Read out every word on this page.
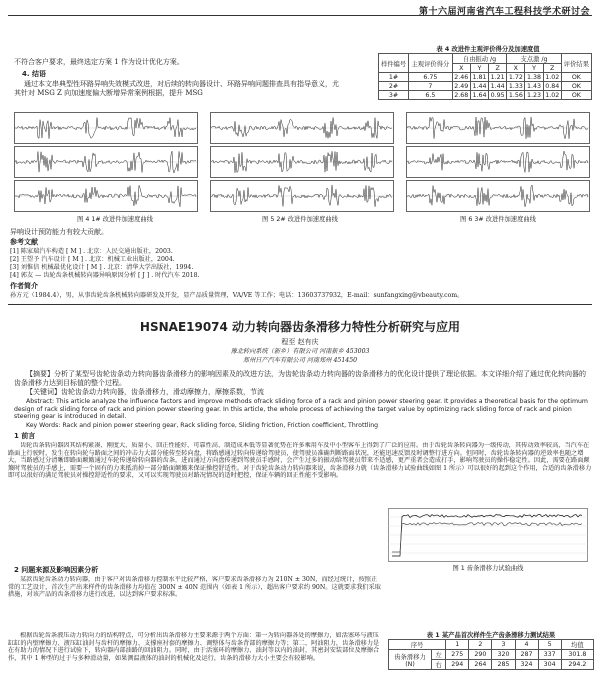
第十六届河南省汽车工程科技学术研讨会
不符合客户要求，最终选定方案 1 作为设计优化方案。
4. 结语
通过本文串典型性环路异响失效模式改进，对后续的转向器设计、环路异响问题排查具有指导意义，尤其针对 MSG Z 向加速度偏大断增异常案例根据，提升 MSG
表 4 改进件主观评价得分及加速度值
样件编号	主观评价得分	自由振动 /g			支点激 /g			评价结果
		X	Y	Z	X	Y	Z	
1#	6.75	2.46	1.81	1.21	1.72	1.38	1.02	OK
2#	7	2.49	1.44	1.44	1.33	1.43	0.84	OK
3#	6.5	2.68	1.64	0.95	1.56	1.23	1.02	OK
图 4 1# 改进件加速度曲线	图 5 2# 改进件加速度曲线	图 6 3# 改进件加速度曲线
异响设计预防能力有较大贡献。
参考文献
[1] 陈家瑞汽车构造 [ M ] . 北京：人民交通出版社，2003.
[2] 王望予 汽车设计 [ M ] . 北京：机械工业出版社，2004.
[3] 刘惟信 机械最优化设计 [ M ] . 北京：清华大学出版社，1994.
[4] 郭友 — 齿轮齿条机械转向器异响原因分析 [ J ] . 时代汽车 2018.
作者简介
孙方元（1984.4），男，从事齿轮齿条机械转向器研发及开发，显产品质量管理，VA/VE 等工作；电话：13603737932，E-mail：sunfangxing@vbeauty.com。
HSNAE19074 动力转向器齿条滑移力特性分析研究与应用
程至 赵有庆
豫北转向系统（新乡）有限公司 河南新乡 453003
郑州日产汽车有限公司 河南郑州 451450
【摘要】分析了某型号齿轮齿条动力转向器齿条滑移力的影响因素及的改进方法，为齿轮齿条动力转向器的齿条滑移力的优化设计提供了理论依据。本文详细介绍了通过优化转向器的齿条滑移力达到目标值的整个过程。
【关键词】齿轮齿条动力转向器，齿条滑移力，滑动摩擦力，摩擦系数，节流
Abstract: This article analyze the influence factors and improve methods ofrack sliding force of a rack and pinion power steering gear. It provides a theoretical basis for the optimum design of rack sliding force of rack and pinion power steering gear. In this article, the whole process of achieving the target value by optimizing rack sliding force of rack and pinion steering gear is introduced in detail.
Key Words: Rack and pinion power steering gear, Rack sliding force, Sliding friction, Friction coefficient, Throttling
1 前言
齿轮齿条转向器因其结构紧凑、刚度大、质量小、回正性能好、可靠性高、制造成本低等显著优势在许多乘用车及中小型客车上得到了广泛的应用。由于齿轮齿条转向器为一级传动，其传动效率较高，当汽车在路面上行驶时，发生在转向轮与路面之间的冲击力大部分能传至转向盘，将路感通过转向传递给驾驶员，使驾驶员准确判断路面状况，还能迅速反馈及时调整行进方向。但同时，齿轮齿条转向器的逆效率也随之增大，当路感过分清晰即路面颠簸通过车轮传递给转向器的齿条，进而通过方向盘传递到驾驶员手感时，会产生过多的振动给驾驶员带来不适感，更严重者会造成打手，影响驾驶员的操作稳定性。因此，需要在路面颠簸时驾驶员的手感上，需要一个固有的力来抵消掉一部分路面颠簸来保证操控舒适性。对于齿轮齿条动力转向器来说，齿条滑移力就（齿条滑移力试验曲线如图 1 所示）可以很好的起到这个作用，合适的齿条滑移力即可以很好的满足驾驶员对操控舒适性的要求，又可以实现驾驶员对路况情况的适时把控，保证车辆的回正性能不受影响。
图 1 齿条滑移力试验曲线
2 问题来源及影响因素分析
某款齿轮齿条动力转向器，由于客户对齿条滑移力控制水平比较严格，客户要求齿条滑移力为 210N ± 30N，而经过统计，按照正常的工艺设计，首次生产出来样件的齿条滑移力均值在 300N ± 40N 范围内（如表 1 所示），超出客户要求约 90N。这就要求我们采取措施，对该产品的齿条滑移力进行改进，以达到客户要求标准。
根据齿轮齿条液压动力转向力的结构特点，可分析出齿条滑移力主要来源于两个方面：第一为转向器各处的摩擦力，如活塞环与液压缸缸的内壁摩擦力、液压缸油封与齿杆的摩擦力、支撑座衬套的摩擦力、调整体与齿条背部的摩擦力等；第二，阿油阻力，齿条滑移力是在有助力的情况下进行试验下，转向器内部油路的回油阻力。同时，由于活塞环的摩擦力、油封等以内的油封，其密封安装部位及摩擦合作，其中 1 种型的过于与多种滑动量，如果测温液体的油封的机械化及运行，齿条的滑移力大小主要会有较影响。
表 1 某产品首次样件生产齿条滑移力测试结果
序号		1	2	3	4	5	均值
齿条滑移力 (N)	左	275	290	320	287	337	301.8
	右	294	264	285	324	304	294.2
